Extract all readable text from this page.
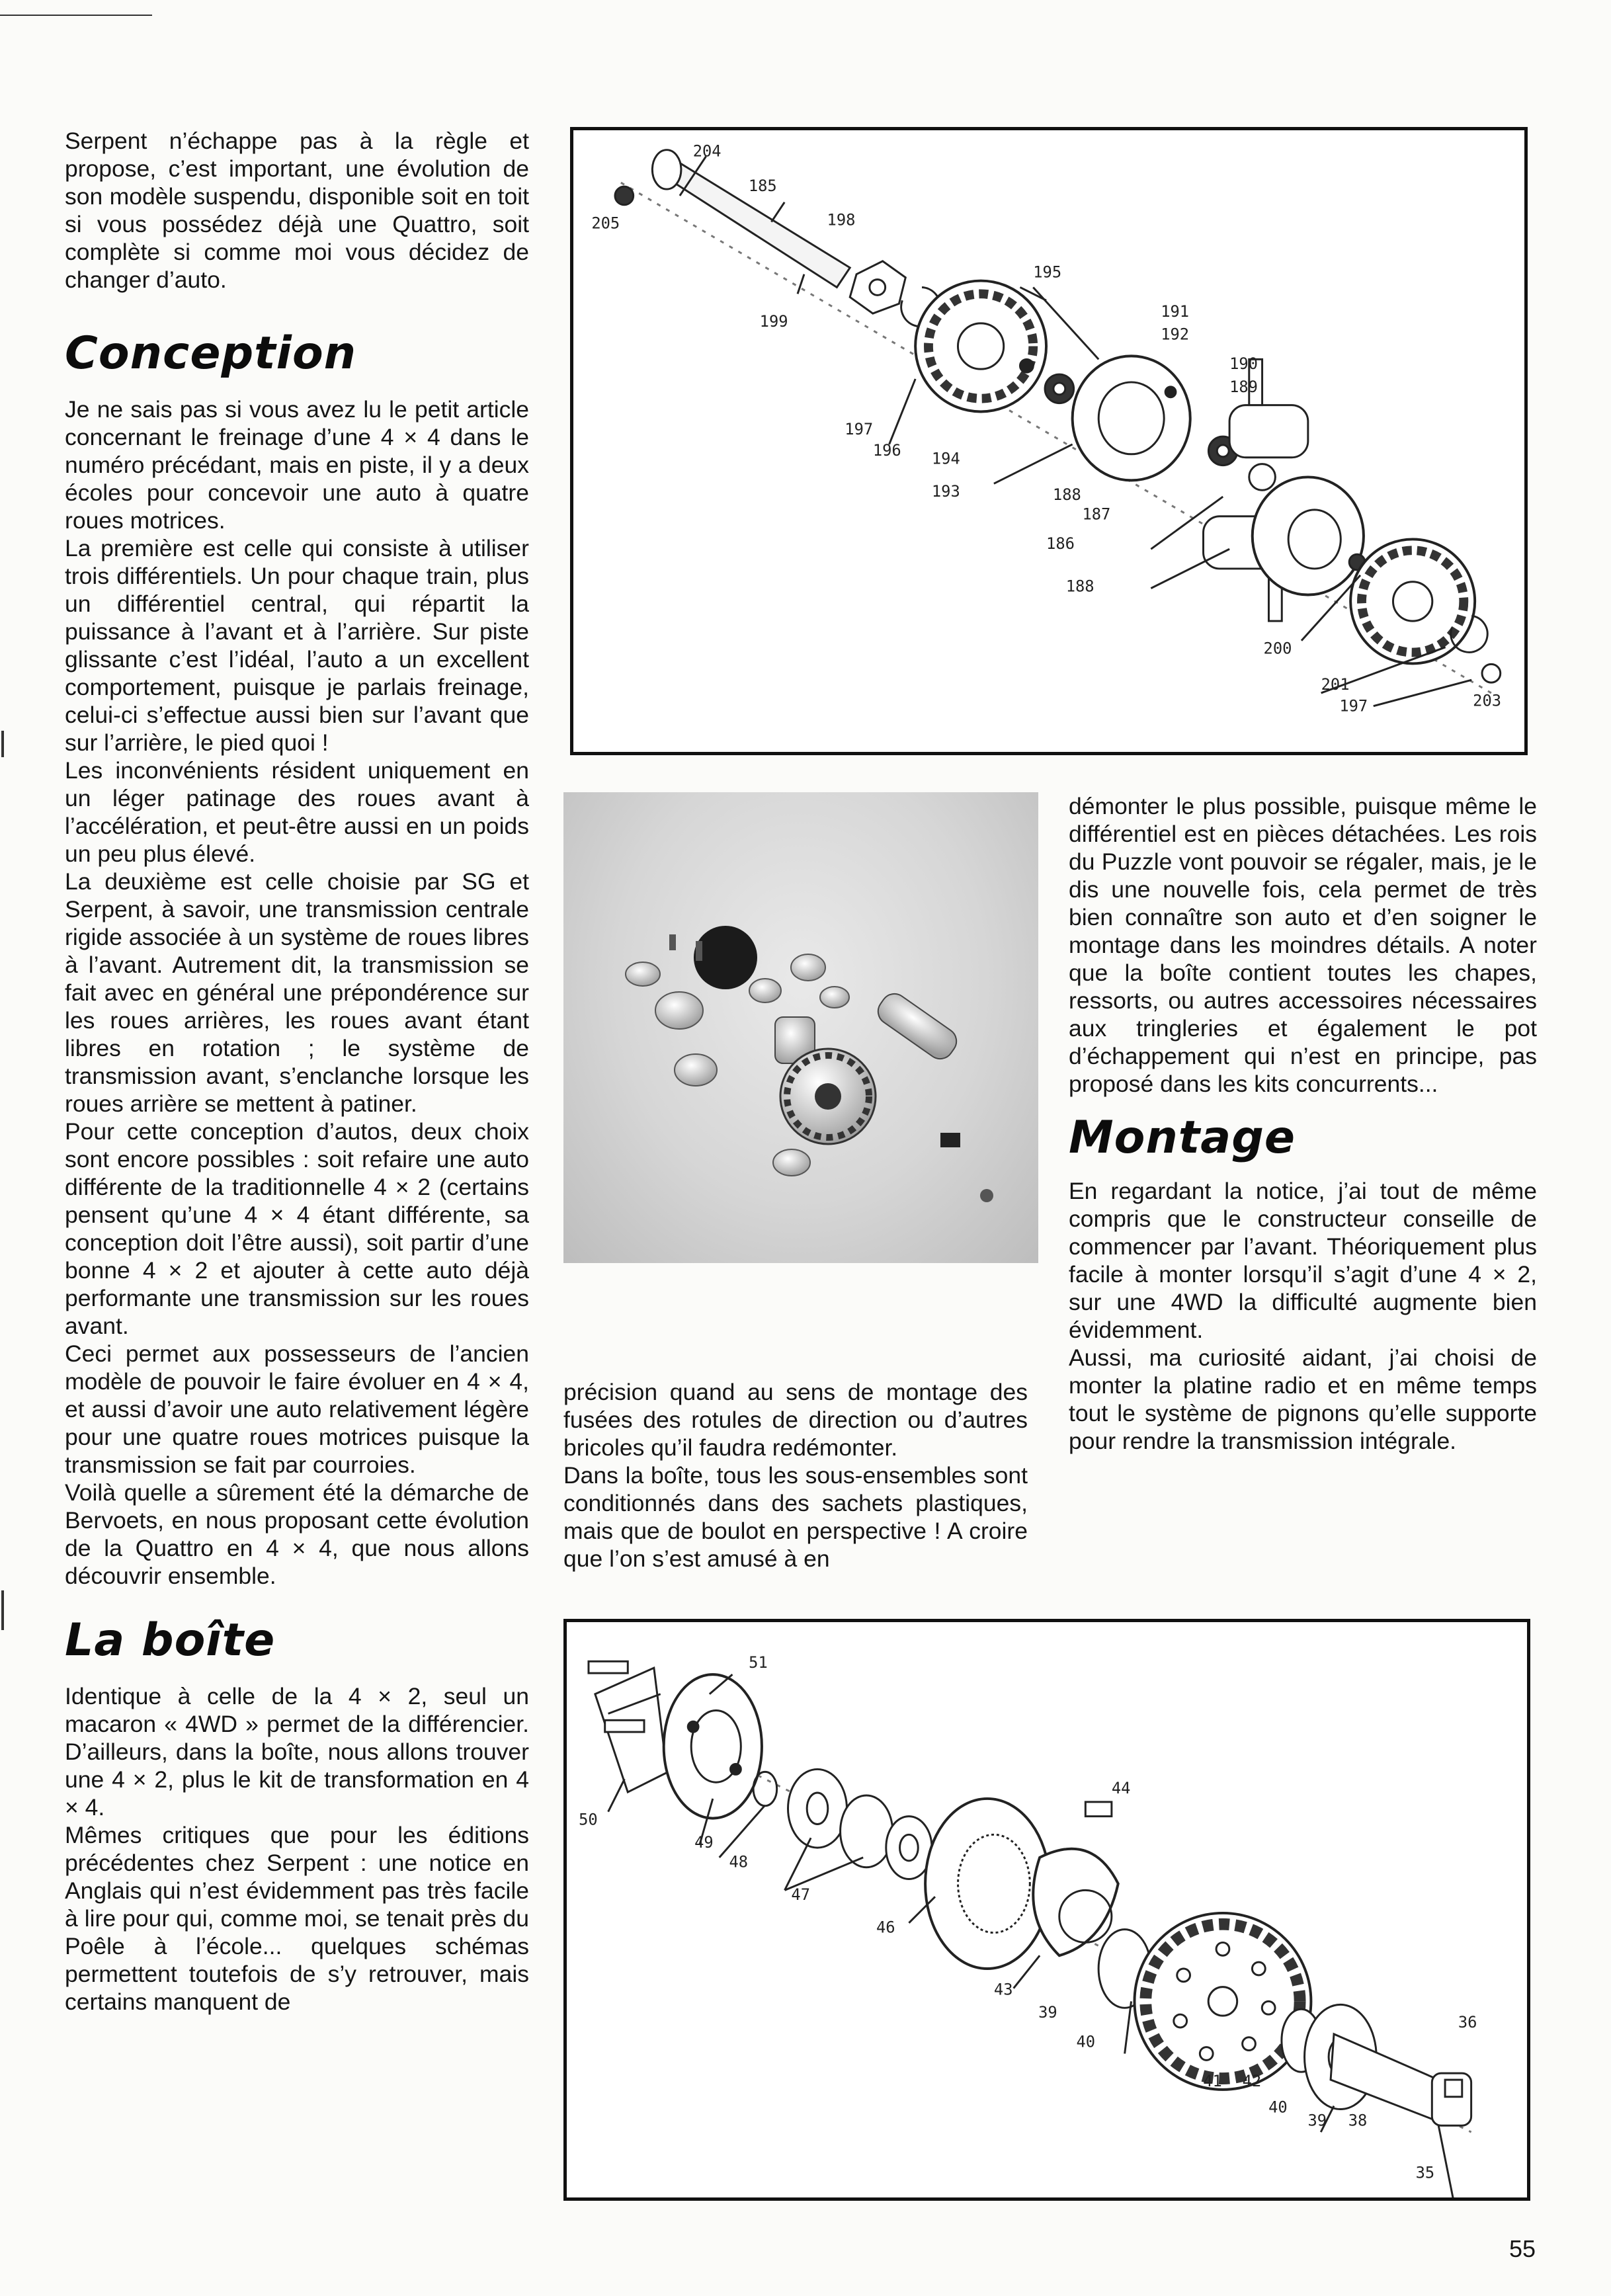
Serpent n’échappe pas à la règle et propose, c’est important, une évolution de son modèle suspendu, disponible soit en toit si vous possédez déjà une Quattro, soit complète si comme moi vous décidez de changer d’auto.

Conception

Je ne sais pas si vous avez lu le petit article concernant le freinage d’une 4 × 4 dans le numéro précédant, mais en piste, il y a deux écoles pour concevoir une auto à quatre roues motrices.

La première est celle qui consiste à utiliser trois différentiels. Un pour chaque train, plus un différentiel central, qui répartit la puissance à l’avant et à l’arrière. Sur piste glissante c’est l’idéal, l’auto a un excellent comportement, puisque je parlais freinage, celui-ci s’effectue aussi bien sur l’avant que sur l’arrière, le pied quoi !

Les inconvénients résident uniquement en un léger patinage des roues avant à l’accélération, et peut-être aussi en un poids un peu plus élevé.

La deuxième est celle choisie par SG et Serpent, à savoir, une transmission centrale rigide associée à un système de roues libres à l’avant. Autrement dit, la transmission se fait avec en général une prépondérence sur les roues arrières, les roues avant étant libres en rotation ; le système de transmission avant, s’enclanche lorsque les roues arrière se mettent à patiner.

Pour cette conception d’autos, deux choix sont encore possibles : soit refaire une auto différente de la traditionnelle 4 × 2 (certains pensent qu’une 4 × 4 étant différente, sa conception doit l’être aussi), soit partir d’une bonne 4 × 2 et ajouter à cette auto déjà performante une transmission sur les roues avant.

Ceci permet aux possesseurs de l’ancien modèle de pouvoir le faire évoluer en 4 × 4, et aussi d’avoir une auto relativement légère pour une quatre roues motrices puisque la transmission se fait par courroies.

Voilà quelle a sûrement été la démarche de Bervoets, en nous proposant cette évolution de la Quattro en 4 × 4, que nous allons découvrir ensemble.

La boîte

Identique à celle de la 4 × 2, seul un macaron « 4WD » permet de la différencier. D’ailleurs, dans la boîte, nous allons trouver une 4 × 2, plus le kit de transformation en 4 × 4.

Mêmes critiques que pour les éditions précédentes chez Serpent : une notice en Anglais qui n’est évidemment pas très facile à lire pour qui, comme moi, se tenait près du Poêle à l’école... quelques schémas permettent toutefois de s’y retrouver, mais certains manquent de

204
185
205	198
195
199
191
192
190
189
197
196 194
193	188
187
186
188
200
201
197	203

précision quand au sens de montage des fusées des rotules de direction ou d’autres bricoles qu’il faudra redémonter.

Dans la boîte, tous les sous-ensembles sont conditionnés dans des sachets plastiques, mais que de boulot en perspective ! A croire que l’on s’est amusé à en

démonter le plus possible, puisque même le différentiel est en pièces détachées. Les rois du Puzzle vont pouvoir se régaler, mais, je le dis une nouvelle fois, cela permet de très bien connaître son auto et d’en soigner le montage dans les moindres détails. A noter que la boîte contient toutes les chapes, ressorts, ou autres accessoires nécessaires aux tringleries et également le pot d’échappement qui n’est en principe, pas proposé dans les kits concurrents...

Montage

En regardant la notice, j’ai tout de même compris que le constructeur conseille de commencer par l’avant. Théoriquement plus facile à monter lorsqu’il s’agit d’une 4 × 2, sur une 4WD la difficulté augmente bien évidemment.

Aussi, ma curiosité aidant, j’ai choisi de monter la platine radio et en même temps tout le système de pignons qu’elle supporte pour rendre la transmission intégrale.

51
50
49
48
47
44
46
43
39
40
36
41 42
40
39 38
35
55
